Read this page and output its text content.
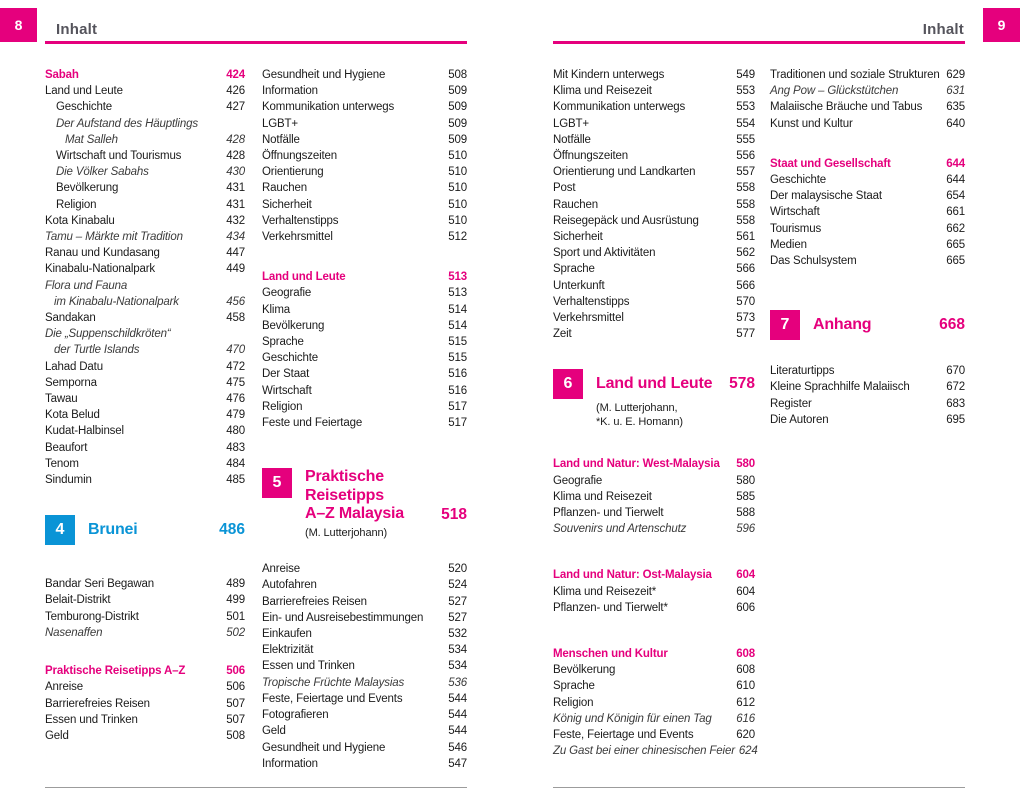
8	Inhalt
Sabah	424
Land und Leute	426
Geschichte	427
Der Aufstand des Häuptlings
Mat Salleh	428
Wirtschaft und Tourismus	428
Die Völker Sabahs	430
Bevölkerung	431
Religion	431
Kota Kinabalu	432
Tamu – Märkte mit Tradition	434
Ranau und Kundasang	447
Kinabalu-Nationalpark	449
Flora und Fauna
im Kinabalu-Nationalpark	456
Sandakan	458
Die „Suppenschildkröten“
der Turtle Islands	470
Lahad Datu	472
Semporna	475
Tawau	476
Kota Belud	479
Kudat-Halbinsel	480
Beaufort	483
Tenom	484
Sindumin	485
4	Brunei	486
Bandar Seri Begawan	489
Belait-Distrikt	499
Temburong-Distrikt	501
Nasenaffen	502
Praktische Reisetipps A–Z	506
Anreise	506
Barrierefreies Reisen	507
Essen und Trinken	507
Geld	508
Gesundheit und Hygiene	508
Information	509
Kommunikation unterwegs	509
LGBT+	509
Notfälle	509
Öffnungszeiten	510
Orientierung	510
Rauchen	510
Sicherheit	510
Verhaltenstipps	510
Verkehrsmittel	512
Land und Leute	513
Geografie	513
Klima	514
Bevölkerung	514
Sprache	515
Geschichte	515
Der Staat	516
Wirtschaft	516
Religion	517
Feste und Feiertage	517
5	Praktische Reisetipps
A–Z Malaysia	518
(M. Lutterjohann)
Anreise	520
Autofahren	524
Barrierefreies Reisen	527
Ein- und Ausreisebestimmungen	527
Einkaufen	532
Elektrizität	534
Essen und Trinken	534
Tropische Früchte Malaysias	536
Feste, Feiertage und Events	544
Fotografieren	544
Geld	544
Gesundheit und Hygiene	546
Information	547
9
Inhalt
Mit Kindern unterwegs	549
Klima und Reisezeit	553
Kommunikation unterwegs	553
LGBT+	554
Notfälle	555
Öffnungszeiten	556
Orientierung und Landkarten	557
Post	558
Rauchen	558
Reisegepäck und Ausrüstung	558
Sicherheit	561
Sport und Aktivitäten	562
Sprache	566
Unterkunft	566
Verhaltenstipps	570
Verkehrsmittel	573
Zeit	577
6	Land und Leute	578
(M. Lutterjohann,
*K. u. E. Homann)
Land und Natur: West-Malaysia	580
Geografie	580
Klima und Reisezeit	585
Pflanzen- und Tierwelt	588
Souvenirs und Artenschutz	596
Land und Natur: Ost-Malaysia	604
Klima und Reisezeit*	604
Pflanzen- und Tierwelt*	606
Menschen und Kultur	608
Bevölkerung	608
Sprache	610
Religion	612
König und Königin für einen Tag	616
Feste, Feiertage und Events	620
Zu Gast bei einer chinesischen Feier 624
Traditionen und soziale Strukturen 629
Ang Pow – Glückstütchen	631
Malaiische Bräuche und Tabus	635
Kunst und Kultur	640
Staat und Gesellschaft	644
Geschichte	644
Der malaysische Staat	654
Wirtschaft	661
Tourismus	662
Medien	665
Das Schulsystem	665
7	Anhang	668
Literaturtipps	670
Kleine Sprachhilfe Malaiisch	672
Register	683
Die Autoren	695
